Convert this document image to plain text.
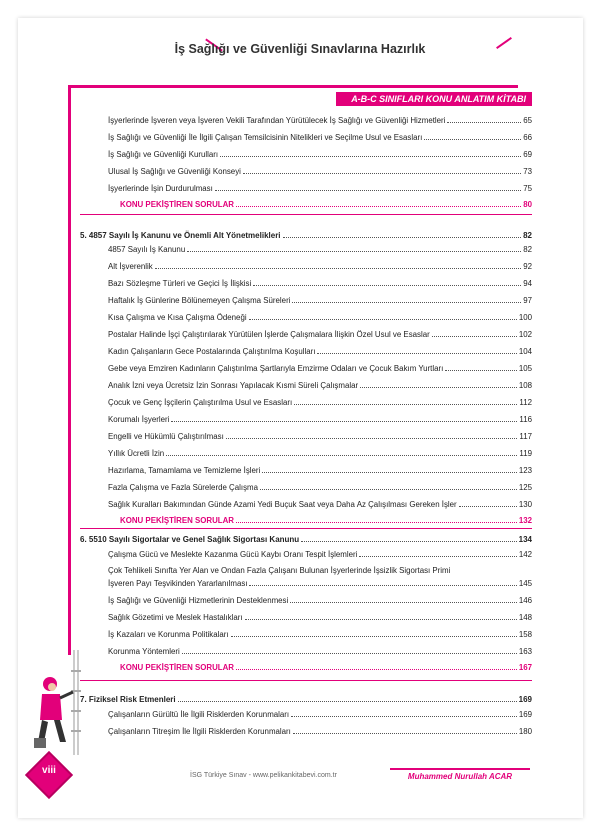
İş Sağlığı ve Güvenliği Sınavlarına Hazırlık
A-B-C SINIFLARI KONU ANLATIM KİTABI
İşyerlerinde İşveren veya İşveren Vekili Tarafından Yürütülecek İş Sağlığı ve Güvenliği Hizmetleri	65
İş Sağlığı ve Güvenliği İle İlgili Çalışan Temsilcisinin Nitelikleri ve Seçilme Usul ve Esasları	66
İş Sağlığı ve Güvenliği Kurulları	69
Ulusal İş Sağlığı ve Güvenliği Konseyi	73
İşyerlerinde İşin Durdurulması	75
KONU PEKİŞTİREN SORULAR	80
5. 4857 Sayılı İş Kanunu ve Önemli Alt Yönetmelikleri	82
4857 Sayılı İş Kanunu	82
Alt İşverenlik	92
Bazı Sözleşme Türleri ve Geçici İş İlişkisi	94
Haftalık İş Günlerine Bölünemeyen Çalışma Süreleri	97
Kısa Çalışma ve Kısa Çalışma Ödeneği	100
Postalar Halinde İşçi Çalıştırılarak Yürütülen İşlerde Çalışmalara İlişkin Özel Usul ve Esaslar	102
Kadın Çalışanların Gece Postalarında Çalıştırılma Koşulları	104
Gebe veya Emziren Kadınların Çalıştırılma Şartlarıyla Emzirme Odaları ve Çocuk Bakım Yurtları	105
Analık İzni veya Ücretsiz İzin Sonrası Yapılacak Kısmi Süreli Çalışmalar	108
Çocuk ve Genç İşçilerin Çalıştırılma Usul ve Esasları	112
Korumalı İşyerleri	116
Engelli ve Hükümlü Çalıştırılması	117
Yıllık Ücretli İzin	119
Hazırlama, Tamamlama ve Temizleme İşleri	123
Fazla Çalışma ve Fazla Sürelerde Çalışma	125
Sağlık Kuralları Bakımından Günde Azami Yedi Buçuk Saat veya Daha Az Çalışılması Gereken İşler	130
KONU PEKİŞTİREN SORULAR	132
6. 5510 Sayılı Sigortalar ve Genel Sağlık Sigortası Kanunu	134
Çalışma Gücü ve Meslekte Kazanma Gücü Kaybı Oranı Tespit İşlemleri	142
Çok Tehlikeli Sınıfta Yer Alan ve Ondan Fazla Çalışanı Bulunan İşyerlerinde İşsizlik Sigortası Primi
İşveren Payı Teşvikinden Yararlanılması	145
İş Sağlığı ve Güvenliği Hizmetlerinin Desteklenmesi	146
Sağlık Gözetimi ve Meslek Hastalıkları	148
İş Kazaları ve Korunma Politikaları	158
Korunma Yöntemleri	163
KONU PEKİŞTİREN SORULAR	167
7. Fiziksel Risk Etmenleri	169
Çalışanların Gürültü İle İlgili Risklerden Korunmaları	169
Çalışanların Titreşim İle İlgili Risklerden Korunmaları	180
viii	İSG Türkiye Sınav - www.pelikankitabevi.com.tr	Muhammed Nurullah ACAR
